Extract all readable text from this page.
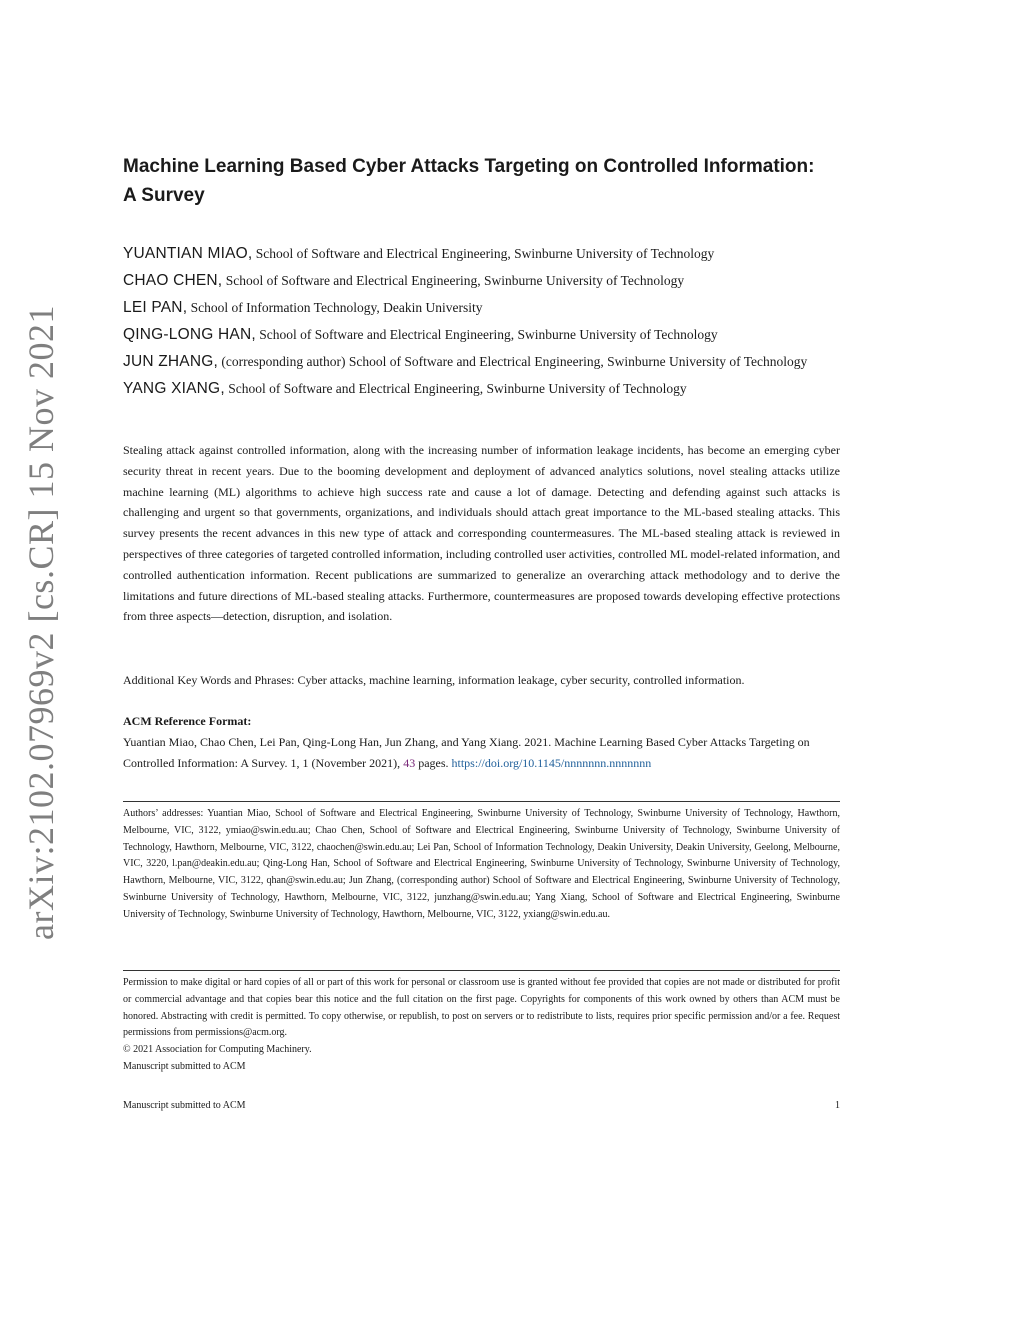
arXiv:2102.07969v2 [cs.CR] 15 Nov 2021

Machine Learning Based Cyber Attacks Targeting on Controlled Information:

A Survey

YUANTIAN MIAO, School of Software and Electrical Engineering, Swinburne University of Technology
CHAO CHEN, School of Software and Electrical Engineering, Swinburne University of Technology
LEI PAN, School of Information Technology, Deakin University
QING-LONG HAN, School of Software and Electrical Engineering, Swinburne University of Technology
JUN ZHANG, (corresponding author) School of Software and Electrical Engineering, Swinburne University of Technology
YANG XIANG, School of Software and Electrical Engineering, Swinburne University of Technology

Stealing attack against controlled information, along with the increasing number of information leakage incidents, has become an emerging cyber security threat in recent years. Due to the booming development and deployment of advanced analytics solutions, novel stealing attacks utilize machine learning (ML) algorithms to achieve high success rate and cause a lot of damage. Detecting and defending against such attacks is challenging and urgent so that governments, organizations, and individuals should attach great importance to the ML-based stealing attacks. This survey presents the recent advances in this new type of attack and corresponding countermeasures. The ML-based stealing attack is reviewed in perspectives of three categories of targeted controlled information, including controlled user activities, controlled ML model-related information, and controlled authentication information. Recent publications are summarized to generalize an overarching attack methodology and to derive the limitations and future directions of ML-based stealing attacks. Furthermore, countermeasures are proposed towards developing effective protections from three aspects—detection, disruption, and isolation.

Additional Key Words and Phrases: Cyber attacks, machine learning, information leakage, cyber security, controlled information.

ACM Reference Format:

Yuantian Miao, Chao Chen, Lei Pan, Qing-Long Han, Jun Zhang, and Yang Xiang. 2021. Machine Learning Based Cyber Attacks Targeting on Controlled Information: A Survey. 1, 1 (November 2021), 43 pages. https://doi.org/10.1145/nnnnnnn.nnnnnnn

Authors’ addresses: Yuantian Miao, School of Software and Electrical Engineering, Swinburne University of Technology, Swinburne University of Technology, Hawthorn, Melbourne, VIC, 3122, ymiao@swin.edu.au; Chao Chen, School of Software and Electrical Engineering, Swinburne University of Technology, Swinburne University of Technology, Hawthorn, Melbourne, VIC, 3122, chaochen@swin.edu.au; Lei Pan, School of Information Technology, Deakin University, Deakin University, Geelong, Melbourne, VIC, 3220, l.pan@deakin.edu.au; Qing-Long Han, School of Software and Electrical Engineering, Swinburne University of Technology, Swinburne University of Technology, Hawthorn, Melbourne, VIC, 3122, qhan@swin.edu.au; Jun Zhang, (corresponding author) School of Software and Electrical Engineering, Swinburne University of Technology, Swinburne University of Technology, Hawthorn, Melbourne, VIC, 3122, junzhang@swin.edu.au; Yang Xiang, School of Software and Electrical Engineering, Swinburne University of Technology, Swinburne University of Technology, Hawthorn, Melbourne, VIC, 3122, yxiang@swin.edu.au.

Permission to make digital or hard copies of all or part of this work for personal or classroom use is granted without fee provided that copies are not made or distributed for profit or commercial advantage and that copies bear this notice and the full citation on the first page. Copyrights for components of this work owned by others than ACM must be honored. Abstracting with credit is permitted. To copy otherwise, or republish, to post on servers or to redistribute to lists, requires prior specific permission and/or a fee. Request permissions from permissions@acm.org.

© 2021 Association for Computing Machinery.

Manuscript submitted to ACM

Manuscript submitted to ACM	1
